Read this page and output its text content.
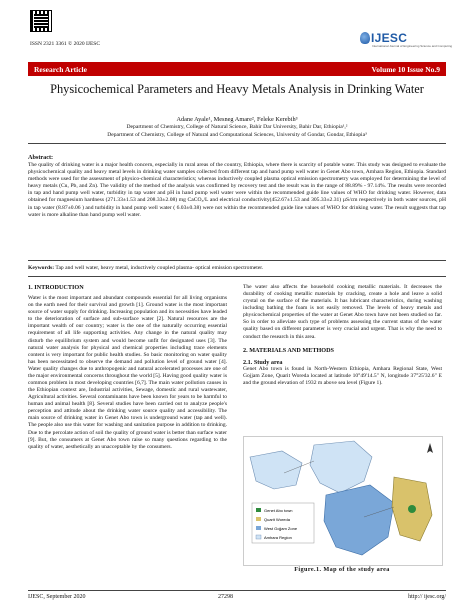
ISSN 2321 3361 © 2020 IJESC	IJESC
International Journal of Engineering Science and Computing
Research Article	Volume 10 Issue No.9
Physicochemical Parameters and Heavy Metals Analysis in Drinking Water
Adane Ayale¹, Mesneg Amare², Feleke Kerebih³
Department of Chemistry, College of Natural Science, Bahir Dar University, Bahir Dar, Ethiopia¹,²
Department of Chemistry, College of Natural and Computational Sciences, University of Gondar, Gondar, Ethiopia³
Abstract:
The quality of drinking water is a major health concern, especially in rural areas of the country, Ethiopia, where there is scarcity of potable water. This study was designed to evaluate the physicochemical quality and heavy metal levels in drinking water samples collected from different tap and hand pump well water in Genet Abo town, Amhara Region, Ethiopia. Standard methods were used for the assessment of physico-chemical characteristics; whereas inductively coupled plasma optical emission spectrometry was employed for determining the level of heavy metals (Cu, Pb, and Zn). The validity of the method of the analysis was confirmed by recovery test and the result was in the range of 88.89% - 97.14%. The results were recorded in tap and hand pump well water, turbidity in tap water and pH in hand pump well water were within the recommended guide line values of WHO for drinking water. However, data obtained for magnesium hardness (271.33±1.53 and 208.33±2.08) mg CaCO₃/L and electrical conductivity(452.67±1.53 and 305.33±2.31) µS/cm respectively in both water sources, pH in tap water (8.87±0.06 ) and turbidity in hand pump well water ( 6.03±0.38) were not within the recommended guide line values of WHO for drinking water. The result suggests that tap water is more alkaline than hand pump well water.
Keywords: Tap and well water, heavy metal, inductively coupled plasma- optical emission spectrometer.
1. INTRODUCTION
Water is the most important and abundant compounds essential for all living organisms on the earth need for their survival and growth [1]. Ground water is the most important source of water supply for drinking. Increasing population and its necessities have leaded to the deterioration of surface and sub-surface water [2]. Natural resources are the important wealth of our country; water is the one of the naturally occurring essential requirement of all life supporting activities. Any change in the natural quality may disturb the equilibrium system and would become unfit for designated uses [3]. The natural water analysis for physical and chemical properties including trace elements content is very important for public health studies. So basic monitoring on water quality has been necessitated to observe the demand and pollution level of ground water [4]. Water quality changes due to anthropogenic and natural accelerated processes are one of the major environmental concerns throughout the world [5]. Having good quality water is common problem in most developing countries [6,7]. The main water pollution causes in the Ethiopian context are, Industrial activities, Sewage, domestic and rural wastewater, Agricultural activities. Several contaminants have been known for years to be harmful to human and animal health [8]. Several studies have been carried out to analyze people's perception and attitude about the drinking water source quality and accessibility. The main source of drinking water in Genet Abo town is underground water (tap and well). The people also use this water for washing and sanitation purpose in addition to drinking. Due to the percolate action of soil the quality of ground water is better than surface water [9]. But, the consumers at Genet Abo town raise so many questions regarding to the quality of water, aesthetically an unacceptable by the consumers.
The water also affects the household cooking metallic materials. It decreases the durability of cooking metallic materials by cracking, create a hole and leave a solid crystal on the surface of the materials. It has lubricant characteristics, during washing including bathing the foam is not easily removed. The levels of heavy metals and physicochemical properties of the water at Genet Abo town have not been studied so far. So in order to alleviate such type of problems assessing the current status of the water quality based on different parameter is very crucial and urgent. That is why the need to conduct the research in this area.
2. MATERIALS AND METHODS
2.1. Study area
Genet Abo town is found in North-Western Ethiopia, Amhara Regional State, West Gojjam Zone, Quarit Woreda located at latitude 10°49'14.5" N, longitude 37°25'32.6" E and the ground elevation of 1932 m above sea level (Figure 1).
Genet Abo town
Quarit Woreda
West Gojjam Zone
Amhara Region
Figure.1. Map of the study area
IJESC, September 2020	27298	http:// ijesc.org/
